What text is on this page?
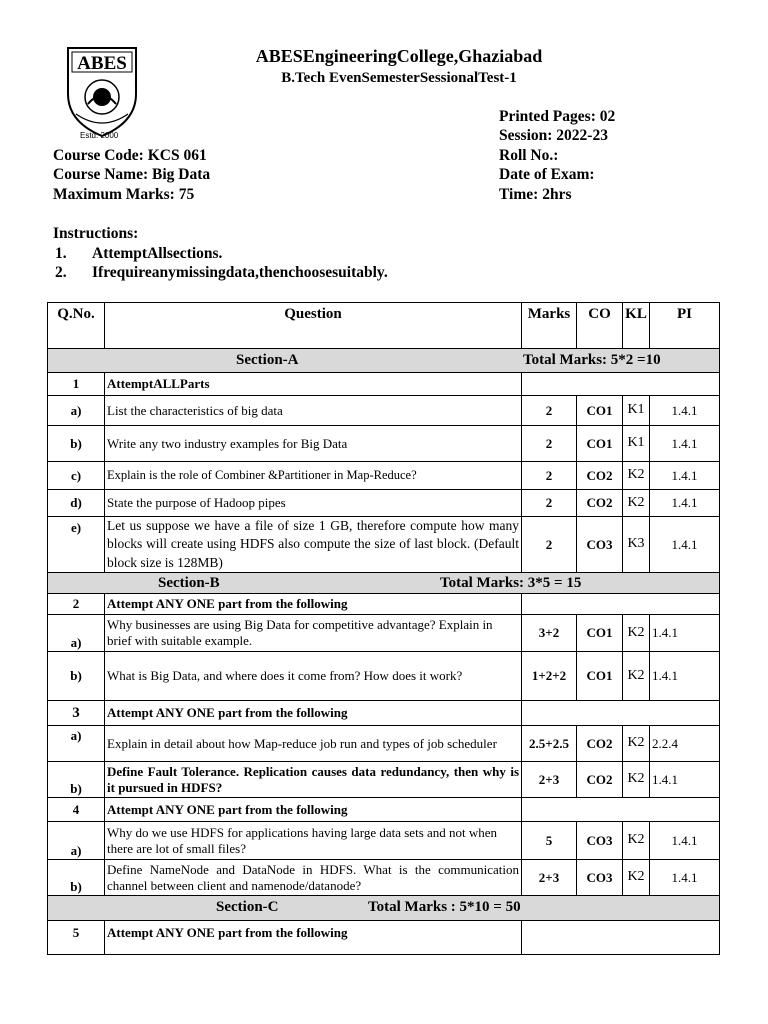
ABES
Estd. 2000
ABESEngineeringCollege,Ghaziabad
B.Tech EvenSemesterSessionalTest-1
Printed Pages: 02
Session: 2022-23
Course Code: KCS 061	Roll No.:
Course Name: Big Data	Date of Exam:
Maximum Marks: 75	Time: 2hrs
Instructions:
1. AttemptAllsections.
2. Ifrequireanymissingdata,thenchoosesuitably.
Q.No.	Question	Marks	CO	KL	PI

Section-A Total Marks: 5*2 =10					

1	AttemptALLParts				
a)	List the characteristics of big data	2	CO1	K1	1.4.1
b)	Write any two industry examples for Big Data	2	CO1	K1	1.4.1
c)	Explain is the role of Combiner &Partitioner in Map-Reduce?	2	CO2	K2	1.4.1
d)	State the purpose of Hadoop pipes	2	CO2	K2	1.4.1
e)	Let us suppose we have a file of size 1 GB, therefore compute how many blocks will create using HDFS also compute the size of last block. (Default block size is 128MB)	2	CO3	K3	1.4.1

Section-B Total Marks: 3*5 = 15					

2	Attempt ANY ONE part from the following				
a)	Why businesses are using Big Data for competitive advantage? Explain in brief with suitable example.	3+2	CO1	K2	1.4.1
b)	What is Big Data, and where does it come from? How does it work?	1+2+2	CO1	K2	1.4.1
3	Attempt ANY ONE part from the following				
a)	Explain in detail about how Map-reduce job run and types of job scheduler	2.5+2.5	CO2	K2	2.2.4
b)	Define Fault Tolerance. Replication causes data redundancy, then why is it pursued in HDFS?	2+3	CO2	K2	1.4.1
4	Attempt ANY ONE part from the following				
a)	Why do we use HDFS for applications having large data sets and not when there are lot of small files?	5	CO3	K2	1.4.1
b)	Define NameNode and DataNode in HDFS. What is the communication channel between client and namenode/datanode?	2+3	CO3	K2	1.4.1

Section-C Total Marks : 5*10 = 50					

5	Attempt ANY ONE part from the following				
